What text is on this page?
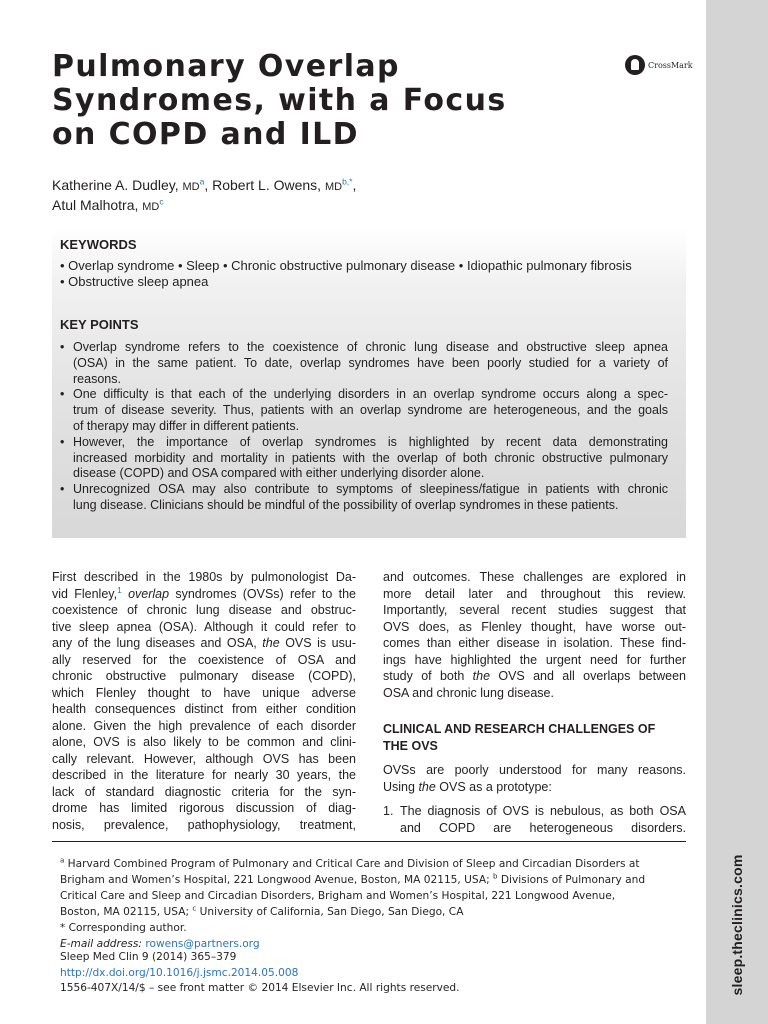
sleep.theclinics.com
Pulmonary Overlap
Syndromes, with a Focus
on COPD and ILD
CrossMark
Katherine A. Dudley, $MD^a$, Robert L. Owens, $MD^{b,*}$,
Atul Malhotra, $MD^c$
KEYWORDS
• Overlap syndrome • Sleep • Chronic obstructive pulmonary disease • Idiopathic pulmonary fibrosis
• Obstructive sleep apnea
KEY POINTS
• Overlap syndrome refers to the coexistence of chronic lung disease and obstructive sleep apnea
(OSA) in the same patient. To date, overlap syndromes have been poorly studied for a variety of
reasons.
• One difficulty is that each of the underlying disorders in an overlap syndrome occurs along a spec-
trum of disease severity. Thus, patients with an overlap syndrome are heterogeneous, and the goals
of therapy may differ in different patients.
• However, the importance of overlap syndromes is highlighted by recent data demonstrating
increased morbidity and mortality in patients with the overlap of both chronic obstructive pulmonary
disease (COPD) and OSA compared with either underlying disorder alone.
• Unrecognized OSA may also contribute to symptoms of sleepiness/fatigue in patients with chronic
lung disease. Clinicians should be mindful of the possibility of overlap syndromes in these patients.
First described in the 1980s by pulmonologist Da-
vid Flenley,$^1$ overlap syndromes (OVSs) refer to the
coexistence of chronic lung disease and obstruc-
tive sleep apnea (OSA). Although it could refer to
any of the lung diseases and OSA, the OVS is usu-
ally reserved for the coexistence of OSA and
chronic obstructive pulmonary disease (COPD),
which Flenley thought to have unique adverse
health consequences distinct from either condition
alone. Given the high prevalence of each disorder
alone, OVS is also likely to be common and clini-
cally relevant. However, although OVS has been
described in the literature for nearly 30 years, the
lack of standard diagnostic criteria for the syn-
drome has limited rigorous discussion of diag-
nosis, prevalence, pathophysiology, treatment,
and outcomes. These challenges are explored in
more detail later and throughout this review.
Importantly, several recent studies suggest that
OVS does, as Flenley thought, have worse out-
comes than either disease in isolation. These find-
ings have highlighted the urgent need for further
study of both the OVS and all overlaps between
OSA and chronic lung disease.
CLINICAL AND RESEARCH CHALLENGES OF
THE OVS
OVSs are poorly understood for many reasons.
Using the OVS as a prototype:
1. The diagnosis of OVS is nebulous, as both OSA
and COPD are heterogeneous disorders.
$^a$ Harvard Combined Program of Pulmonary and Critical Care and Division of Sleep and Circadian Disorders at
Brigham and Women’s Hospital, 221 Longwood Avenue, Boston, MA 02115, USA; $^b$ Divisions of Pulmonary and
Critical Care and Sleep and Circadian Disorders, Brigham and Women’s Hospital, 221 Longwood Avenue,
Boston, MA 02115, USA; $^c$ University of California, San Diego, San Diego, CA
* Corresponding author.
E-mail address: rowens@partners.org
Sleep Med Clin 9 (2014) 365–379
http://dx.doi.org/10.1016/j.jsmc.2014.05.008
1556-407X/14/$ – see front matter © 2014 Elsevier Inc. All rights reserved.
